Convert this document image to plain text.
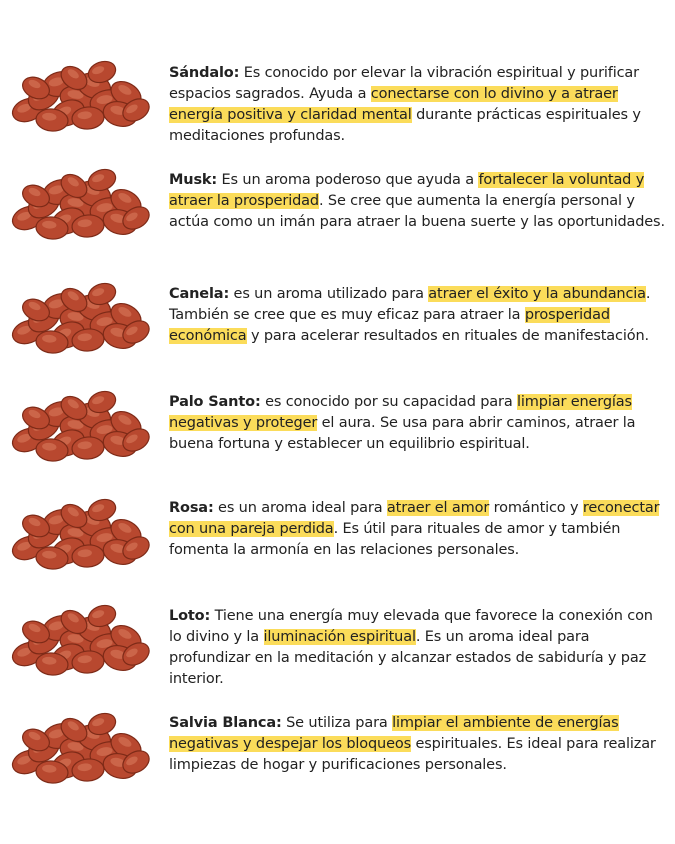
Sándalo: Es conocido por elevar la vibración espiritual y purificar espacios sagrados. Ayuda a conectarse con lo divino y a atraer energía positiva y claridad mental durante prácticas espirituales y meditaciones profundas.
Musk: Es un aroma poderoso que ayuda a fortalecer la voluntad y atraer la prosperidad. Se cree que aumenta la energía personal y actúa como un imán para atraer la buena suerte y las oportunidades.
Canela: es un aroma utilizado para atraer el éxito y la abundancia. También se cree que es muy eficaz para atraer la prosperidad económica y para acelerar resultados en rituales de manifestación.
Palo Santo: es conocido por su capacidad para limpiar energías negativas y proteger el aura. Se usa para abrir caminos, atraer la buena fortuna y establecer un equilibrio espiritual.
Rosa: es un aroma ideal para atraer el amor romántico y reconectar con una pareja perdida. Es útil para rituales de amor y también fomenta la armonía en las relaciones personales.
Loto: Tiene una energía muy elevada que favorece la conexión con lo divino y la iluminación espiritual. Es un aroma ideal para profundizar en la meditación y alcanzar estados de sabiduría y paz interior.
Salvia Blanca: Se utiliza para limpiar el ambiente de energías negativas y despejar los bloqueos espirituales. Es ideal para realizar limpiezas de hogar y purificaciones personales.
